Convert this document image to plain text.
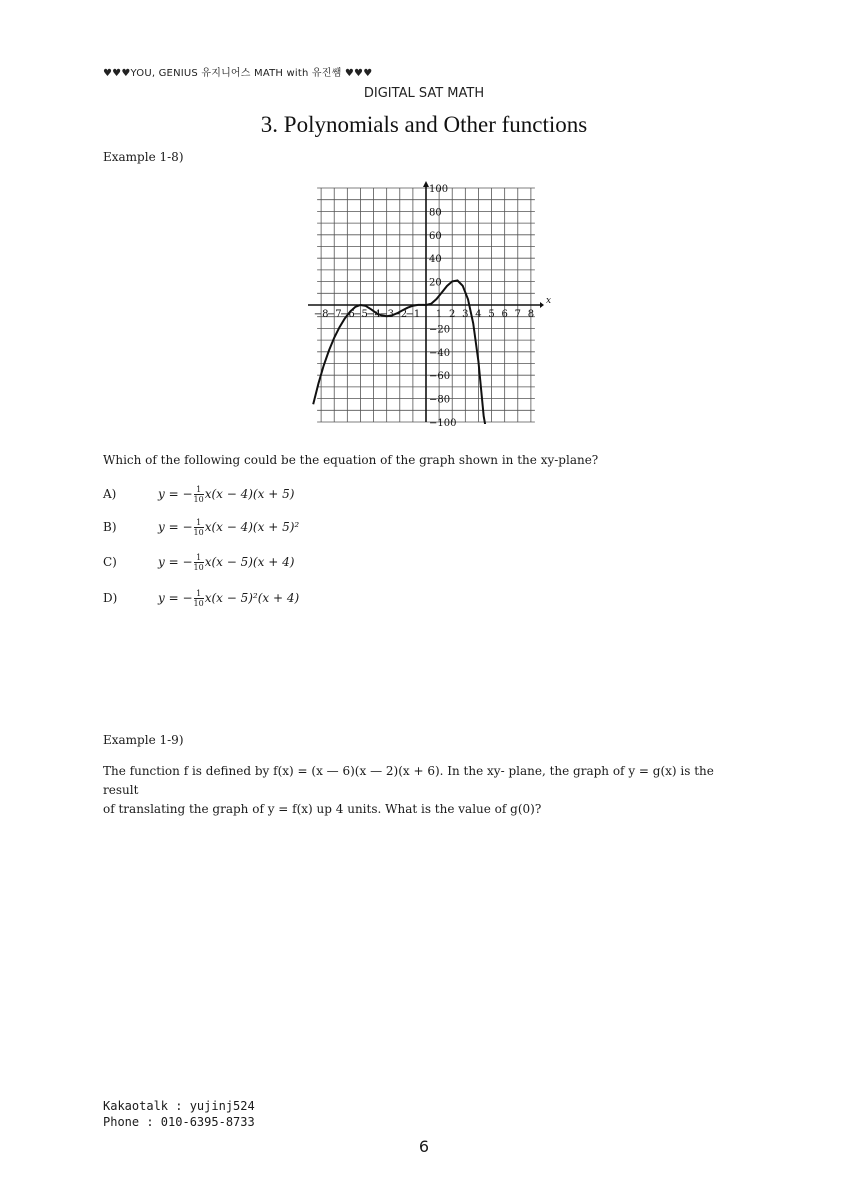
♥♥♥YOU, GENIUS 유지니어스 MATH with 유진쌤 ♥♥♥
DIGITAL SAT MATH
3. Polynomials and Other functions
Example 1-8)
x
−8
−7
−6
−5
−4
−3
−2
−1 1 2 3 4 5 6 7 8
−100
−80
−60
−40
−20
20
40
60
80
100
Which of the following could be the equation of the graph shown in the xy-plane?
A)	y = − $\frac{1}{10} x(x - 4)(x + 5)$
B)	y = − $\frac{1}{10} x(x - 4)(x + 5)^2$
C)	y = − $\frac{1}{10} x(x - 5)(x + 4)$
D)	y = − $\frac{1}{10} x(x - 5)^2(x + 4)$
Example 1-9)
The function f is defined by f(x) = (x — 6)(x — 2)(x + 6). In the xy- plane, the graph of y = g(x) is the result
of translating the graph of y = f(x) up 4 units. What is the value of g(0)?
Kakaotalk : yujinj524
Phone : 010-6395-8733
6
